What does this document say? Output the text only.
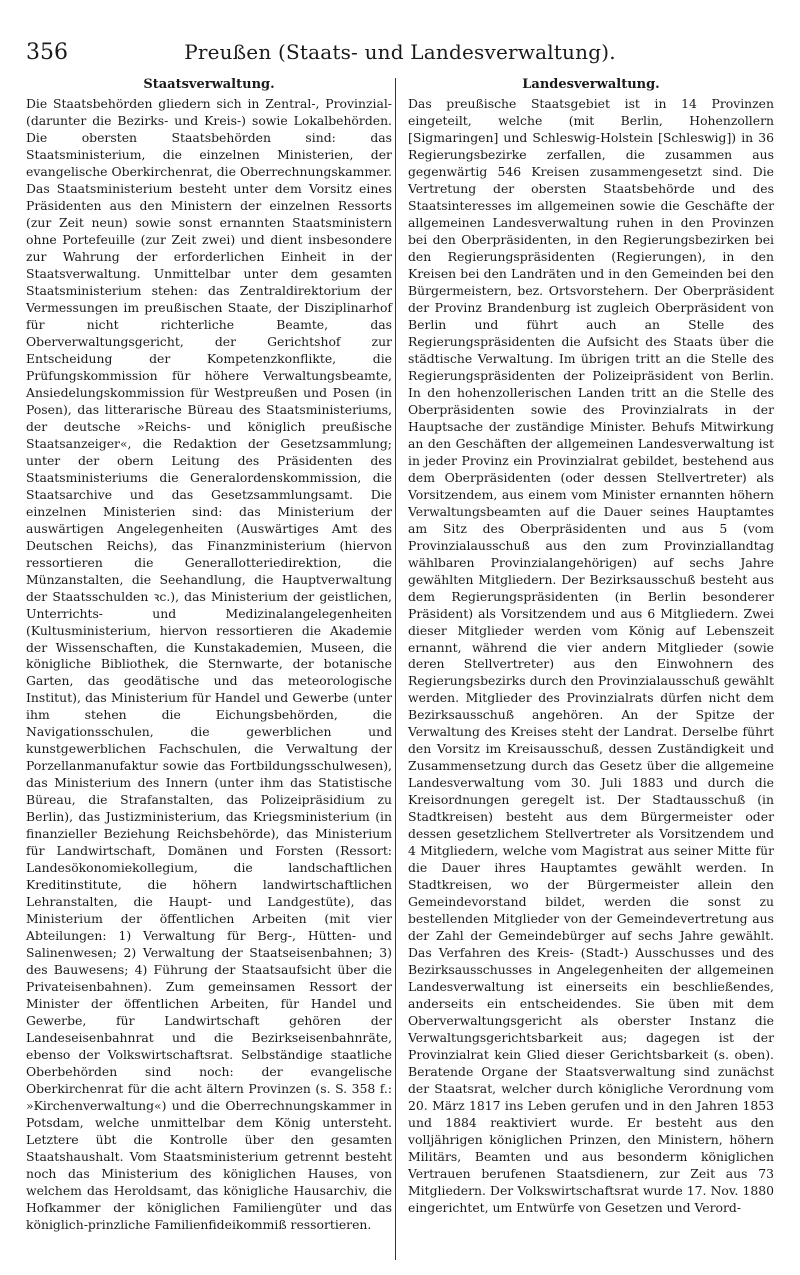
356	Preußen (Staats- und Landesverwaltung).
Staatsverwaltung.

Die Staatsbehörden gliedern sich in Zentral-, Provinzial- (darunter die Bezirks- und Kreis-) sowie Lokalbehörden. Die obersten Staatsbehörden sind: das Staatsministerium, die einzelnen Ministerien, der evangelische Oberkirchenrat, die Oberrechnungskammer. Das Staatsministerium besteht unter dem Vorsitz eines Präsidenten aus den Ministern der einzelnen Ressorts (zur Zeit neun) sowie sonst ernannten Staatsministern ohne Portefeuille (zur Zeit zwei) und dient insbesondere zur Wahrung der erforderlichen Einheit in der Staatsverwaltung. Unmittelbar unter dem gesamten Staatsministerium stehen: das Zentraldirektorium der Vermessungen im preußischen Staate, der Disziplinarhof für nicht richterliche Beamte, das Oberverwaltungsgericht, der Gerichtshof zur Entscheidung der Kompetenzkonflikte, die Prüfungskommission für höhere Verwaltungsbeamte, Ansiedelungskommission für Westpreußen und Posen (in Posen), das litterarische Büreau des Staatsministeriums, der deutsche »Reichs- und königlich preußische Staatsanzeiger«, die Redaktion der Gesetzsammlung; unter der obern Leitung des Präsidenten des Staatsministeriums die Generalordenskommission, die Staatsarchive und das Gesetzsammlungsamt. Die einzelnen Ministerien sind: das Ministerium der auswärtigen Angelegenheiten (Auswärtiges Amt des Deutschen Reichs), das Finanzministerium (hiervon ressortieren die Generallotteriedirektion, die Münzanstalten, die Seehandlung, die Hauptverwaltung der Staatsschulden ꝛc.), das Ministerium der geistlichen, Unterrichts- und Medizinalangelegenheiten (Kultusministerium, hiervon ressortieren die Akademie der Wissenschaften, die Kunstakademien, Museen, die königliche Bibliothek, die Sternwarte, der botanische Garten, das geodätische und das meteorologische Institut), das Ministerium für Handel und Gewerbe (unter ihm stehen die Eichungsbehörden, die Navigationsschulen, die gewerblichen und kunstgewerblichen Fachschulen, die Verwaltung der Porzellanmanufaktur sowie das Fortbildungsschulwesen), das Ministerium des Innern (unter ihm das Statistische Büreau, die Strafanstalten, das Polizeipräsidium zu Berlin), das Justizministerium, das Kriegsministerium (in finanzieller Beziehung Reichsbehörde), das Ministerium für Landwirtschaft, Domänen und Forsten (Ressort: Landesökonomiekollegium, die landschaftlichen Kreditinstitute, die höhern landwirtschaftlichen Lehranstalten, die Haupt- und Landgestüte), das Ministerium der öffentlichen Arbeiten (mit vier Abteilungen: 1) Verwaltung für Berg-, Hütten- und Salinenwesen; 2) Verwaltung der Staatseisenbahnen; 3) des Bauwesens; 4) Führung der Staatsaufsicht über die Privateisenbahnen). Zum gemeinsamen Ressort der Minister der öffentlichen Arbeiten, für Handel und Gewerbe, für Landwirtschaft gehören der Landeseisenbahnrat und die Bezirkseisenbahnräte, ebenso der Volkswirtschaftsrat. Selbständige staatliche Oberbehörden sind noch: der evangelische Oberkirchenrat für die acht ältern Provinzen (s. S. 358 f.: »Kirchenverwaltung«) und die Oberrechnungskammer in Potsdam, welche unmittelbar dem König untersteht. Letztere übt die Kontrolle über den gesamten Staatshaushalt. Vom Staatsministerium getrennt besteht noch das Ministerium des königlichen Hauses, von welchem das Heroldsamt, das königliche Hausarchiv, die Hofkammer der königlichen Familiengüter und das königlich-prinzliche Familienfideikommiß ressortieren.

Landesverwaltung.

Das preußische Staatsgebiet ist in 14 Provinzen eingeteilt, welche (mit Berlin, Hohenzollern [Sigmaringen] und Schleswig-Holstein [Schleswig]) in 36 Regierungsbezirke zerfallen, die zusammen aus gegenwärtig 546 Kreisen zusammengesetzt sind. Die Vertretung der obersten Staatsbehörde und des Staatsinteresses im allgemeinen sowie die Geschäfte der allgemeinen Landesverwaltung ruhen in den Provinzen bei den Oberpräsidenten, in den Regierungsbezirken bei den Regierungspräsidenten (Regierungen), in den Kreisen bei den Landräten und in den Gemeinden bei den Bürgermeistern, bez. Ortsvorstehern. Der Oberpräsident der Provinz Brandenburg ist zugleich Oberpräsident von Berlin und führt auch an Stelle des Regierungspräsidenten die Aufsicht des Staats über die städtische Verwaltung. Im übrigen tritt an die Stelle des Regierungspräsidenten der Polizeipräsident von Berlin. In den hohenzollerischen Landen tritt an die Stelle des Oberpräsidenten sowie des Provinzialrats in der Hauptsache der zuständige Minister. Behufs Mitwirkung an den Geschäften der allgemeinen Landesverwaltung ist in jeder Provinz ein Provinzialrat gebildet, bestehend aus dem Oberpräsidenten (oder dessen Stellvertreter) als Vorsitzendem, aus einem vom Minister ernannten höhern Verwaltungsbeamten auf die Dauer seines Hauptamtes am Sitz des Oberpräsidenten und aus 5 (vom Provinzialausschuß aus den zum Provinziallandtag wählbaren Provinzialangehörigen) auf sechs Jahre gewählten Mitgliedern. Der Bezirksausschuß besteht aus dem Regierungspräsidenten (in Berlin besonderer Präsident) als Vorsitzendem und aus 6 Mitgliedern. Zwei dieser Mitglieder werden vom König auf Lebenszeit ernannt, während die vier andern Mitglieder (sowie deren Stellvertreter) aus den Einwohnern des Regierungsbezirks durch den Provinzialausschuß gewählt werden. Mitglieder des Provinzialrats dürfen nicht dem Bezirksausschuß angehören. An der Spitze der Verwaltung des Kreises steht der Landrat. Derselbe führt den Vorsitz im Kreisausschuß, dessen Zuständigkeit und Zusammensetzung durch das Gesetz über die allgemeine Landesverwaltung vom 30. Juli 1883 und durch die Kreisordnungen geregelt ist. Der Stadtausschuß (in Stadtkreisen) besteht aus dem Bürgermeister oder dessen gesetzlichem Stellvertreter als Vorsitzendem und 4 Mitgliedern, welche vom Magistrat aus seiner Mitte für die Dauer ihres Hauptamtes gewählt werden. In Stadtkreisen, wo der Bürgermeister allein den Gemeindevorstand bildet, werden die sonst zu bestellenden Mitglieder von der Gemeindevertretung aus der Zahl der Gemeindebürger auf sechs Jahre gewählt. Das Verfahren des Kreis- (Stadt-) Ausschusses und des Bezirksausschusses in Angelegenheiten der allgemeinen Landesverwaltung ist einerseits ein beschließendes, anderseits ein entscheidendes. Sie üben mit dem Oberverwaltungsgericht als oberster Instanz die Verwaltungsgerichtsbarkeit aus; dagegen ist der Provinzialrat kein Glied dieser Gerichtsbarkeit (s. oben). Beratende Organe der Staatsverwaltung sind zunächst der Staatsrat, welcher durch königliche Verordnung vom 20. März 1817 ins Leben gerufen und in den Jahren 1853 und 1884 reaktiviert wurde. Er besteht aus den volljährigen königlichen Prinzen, den Ministern, höhern Militärs, Beamten und aus besonderm königlichen Vertrauen berufenen Staatsdienern, zur Zeit aus 73 Mitgliedern. Der Volkswirtschaftsrat wurde 17. Nov. 1880 eingerichtet, um Entwürfe von Gesetzen und Verord-
